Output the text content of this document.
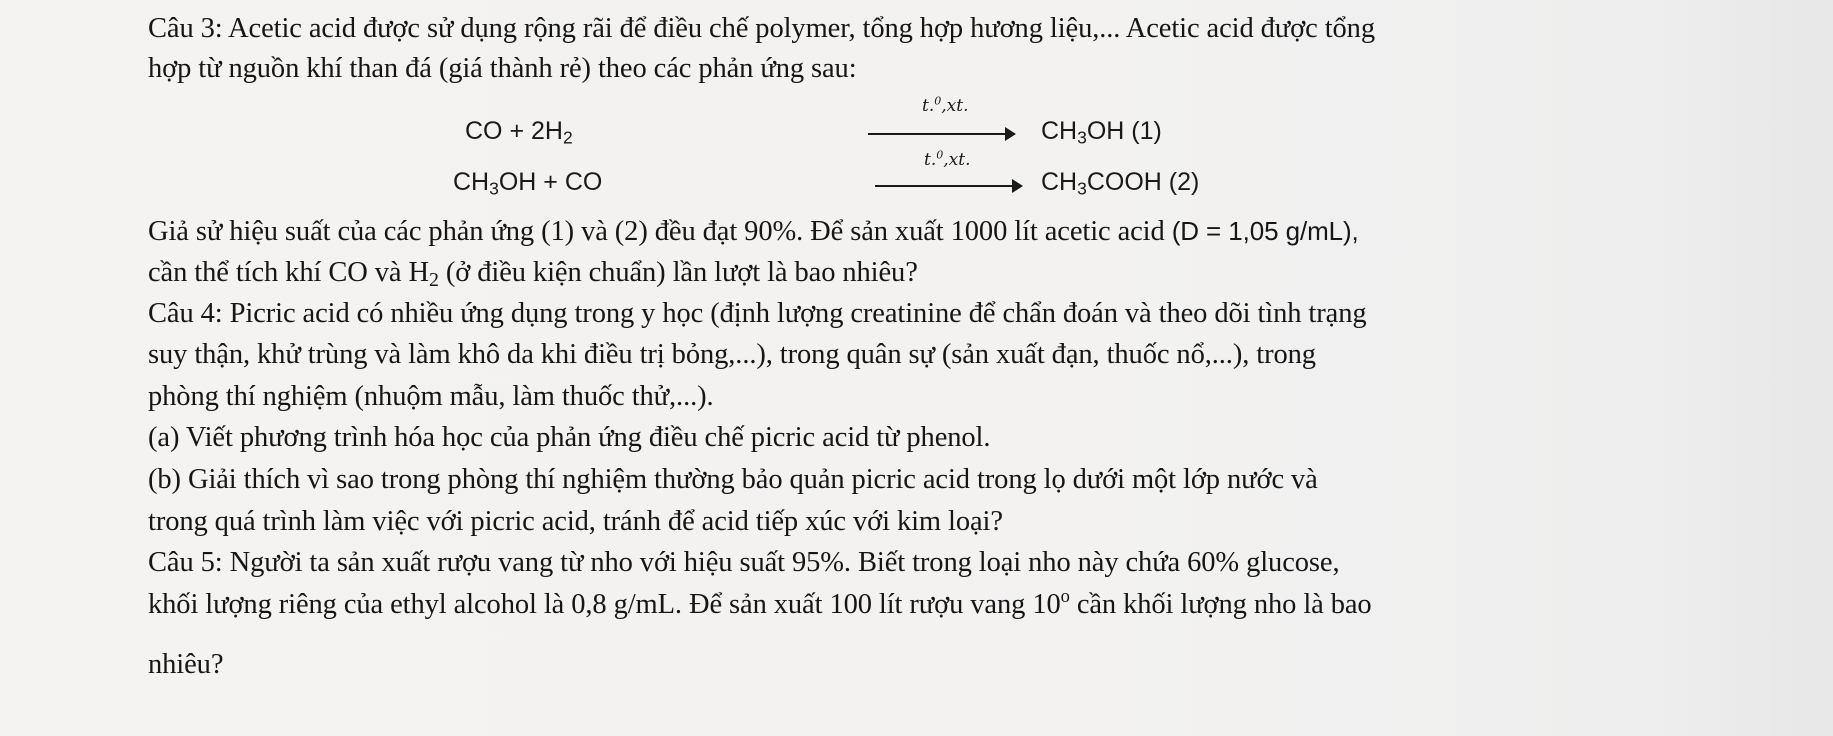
Câu 3: Acetic acid được sử dụng rộng rãi để điều chế polymer, tổng hợp hương liệu,... Acetic acid được tổng
hợp từ nguồn khí than đá (giá thành rẻ) theo các phản ứng sau:
CO + $2H_2$
t.$^0$,xt.
$CH_3OH$ (1)
$CH_3OH$ + CO
t.$^0$,xt.
$CH_3COOH$ (2)
Giả sử hiệu suất của các phản ứng (1) và (2) đều đạt 90%. Để sản xuất 1000 lít acetic acid (D = 1,05 g/mL),
cần thể tích khí CO và $H_2$ (ở điều kiện chuẩn) lần lượt là bao nhiêu?
Câu 4: Picric acid có nhiều ứng dụng trong y học (định lượng creatinine để chẩn đoán và theo dõi tình trạng
suy thận, khử trùng và làm khô da khi điều trị bỏng,...), trong quân sự (sản xuất đạn, thuốc nổ,...), trong
phòng thí nghiệm (nhuộm mẫu, làm thuốc thử,...).
(a) Viết phương trình hóa học của phản ứng điều chế picric acid từ phenol.
(b) Giải thích vì sao trong phòng thí nghiệm thường bảo quản picric acid trong lọ dưới một lớp nước và
trong quá trình làm việc với picric acid, tránh để acid tiếp xúc với kim loại?
Câu 5: Người ta sản xuất rượu vang từ nho với hiệu suất 95%. Biết trong loại nho này chứa 60% glucose,
khối lượng riêng của ethyl alcohol là 0,8 g/mL. Để sản xuất 100 lít rượu vang 10$^o$ cần khối lượng nho là bao
nhiêu?
